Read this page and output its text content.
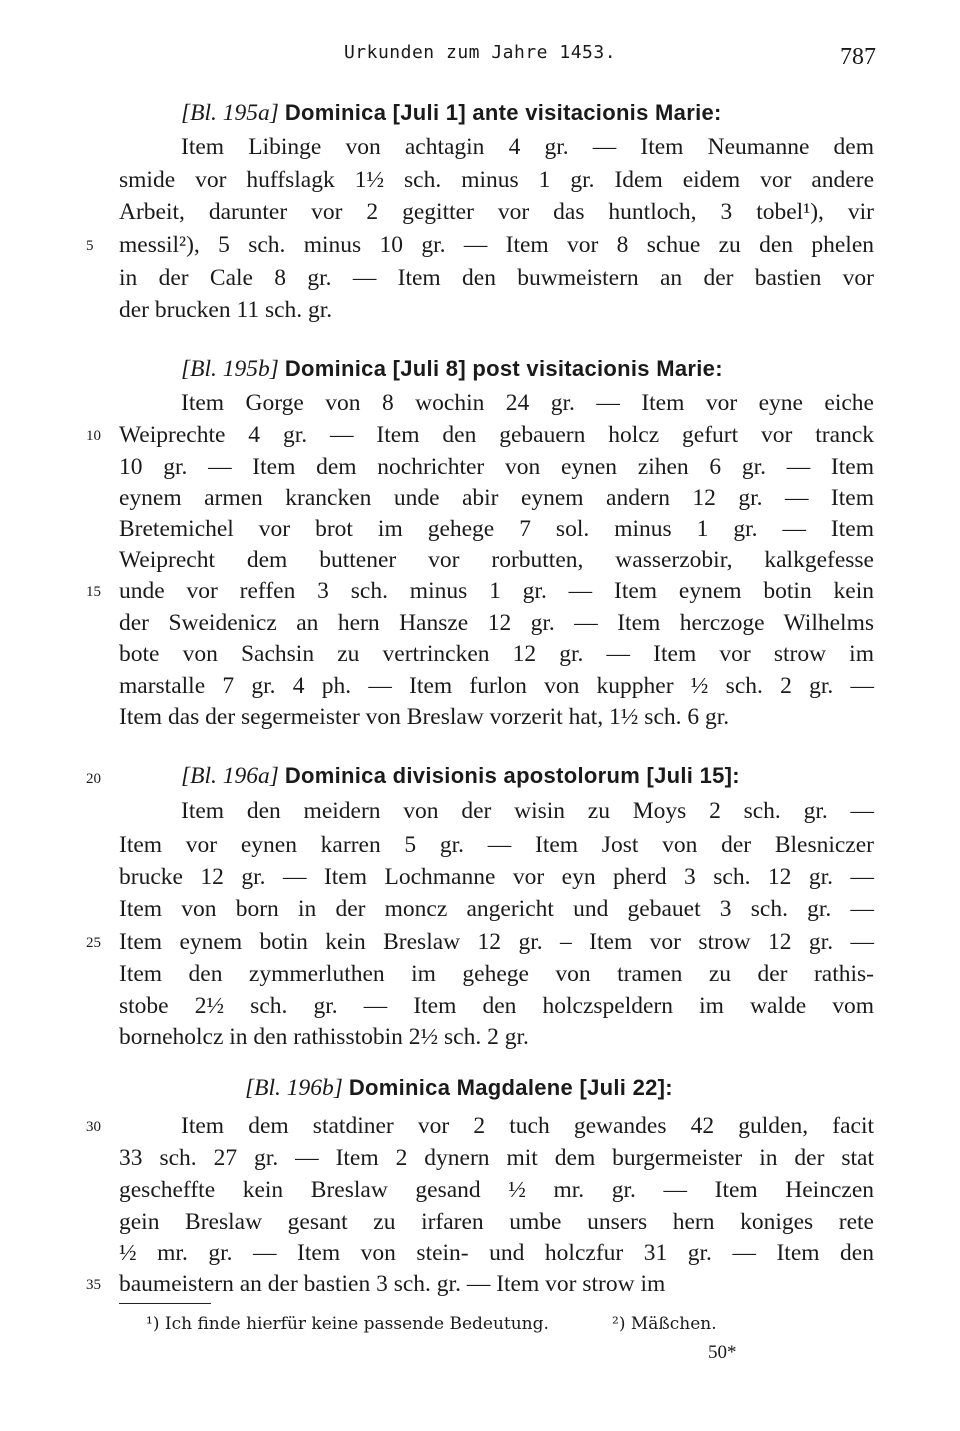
Urkunden zum Jahre 1453.	787
[Bl. 195a] Dominica [Juli 1] ante visitacionis Marie:
Item Libinge von achtagin 4 gr. — Item Neumanne dem
smide vor huffslagk 1½ sch. minus 1 gr. Idem eidem vor andere
Arbeit, darunter vor 2 gegitter vor das huntloch, 3 tobel¹), vir
messil²), 5 sch. minus 10 gr. — Item vor 8 schue zu den phelen
in der Cale 8 gr. — Item den buwmeistern an der bastien vor
der brucken 11 sch. gr.
[Bl. 195b] Dominica [Juli 8] post visitacionis Marie:
Item Gorge von 8 wochin 24 gr. — Item vor eyne eiche
Weiprechte 4 gr. — Item den gebauern holcz gefurt vor tranck
10 gr. — Item dem nochrichter von eynen zihen 6 gr. — Item
eynem armen krancken unde abir eynem andern 12 gr. — Item
Bretemichel vor brot im gehege 7 sol. minus 1 gr. — Item
Weiprecht dem buttener vor rorbutten, wasserzobir, kalkgefesse
unde vor reffen 3 sch. minus 1 gr. — Item eynem botin kein
der Sweidenicz an hern Hansze 12 gr. — Item herczoge Wilhelms
bote von Sachsin zu vertrincken 12 gr. — Item vor strow im
marstalle 7 gr. 4 ph. — Item furlon von kuppher ½ sch. 2 gr. —
Item das der segermeister von Breslaw vorzerit hat, 1½ sch. 6 gr.
[Bl. 196a] Dominica divisionis apostolorum [Juli 15]:
Item den meidern von der wisin zu Moys 2 sch. gr. —
Item vor eynen karren 5 gr. — Item Jost von der Blesniczer
brucke 12 gr. — Item Lochmanne vor eyn pherd 3 sch. 12 gr. —
Item von born in der moncz angericht und gebauet 3 sch. gr. —
Item eynem botin kein Breslaw 12 gr. – Item vor strow 12 gr. —
Item den zymmerluthen im gehege von tramen zu der rathis-
stobe 2½ sch. gr. — Item den holczspeldern im walde vom
borneholcz in den rathisstobin 2½ sch. 2 gr.
[Bl. 196b] Dominica Magdalene [Juli 22]:
Item dem statdiner vor 2 tuch gewandes 42 gulden, facit
33 sch. 27 gr. — Item 2 dynern mit dem burgermeister in der stat
gescheffte kein Breslaw gesand ½ mr. gr. — Item Heinczen
gein Breslaw gesant zu irfaren umbe unsers hern koniges rete
½ mr. gr. — Item von stein- und holczfur 31 gr. — Item den
baumeistern an der bastien 3 sch. gr. — Item vor strow im
5
10
15
20
25
30
35
¹) Ich finde hierfür keine passende Bedeutung.	²) Mäßchen.
50*
